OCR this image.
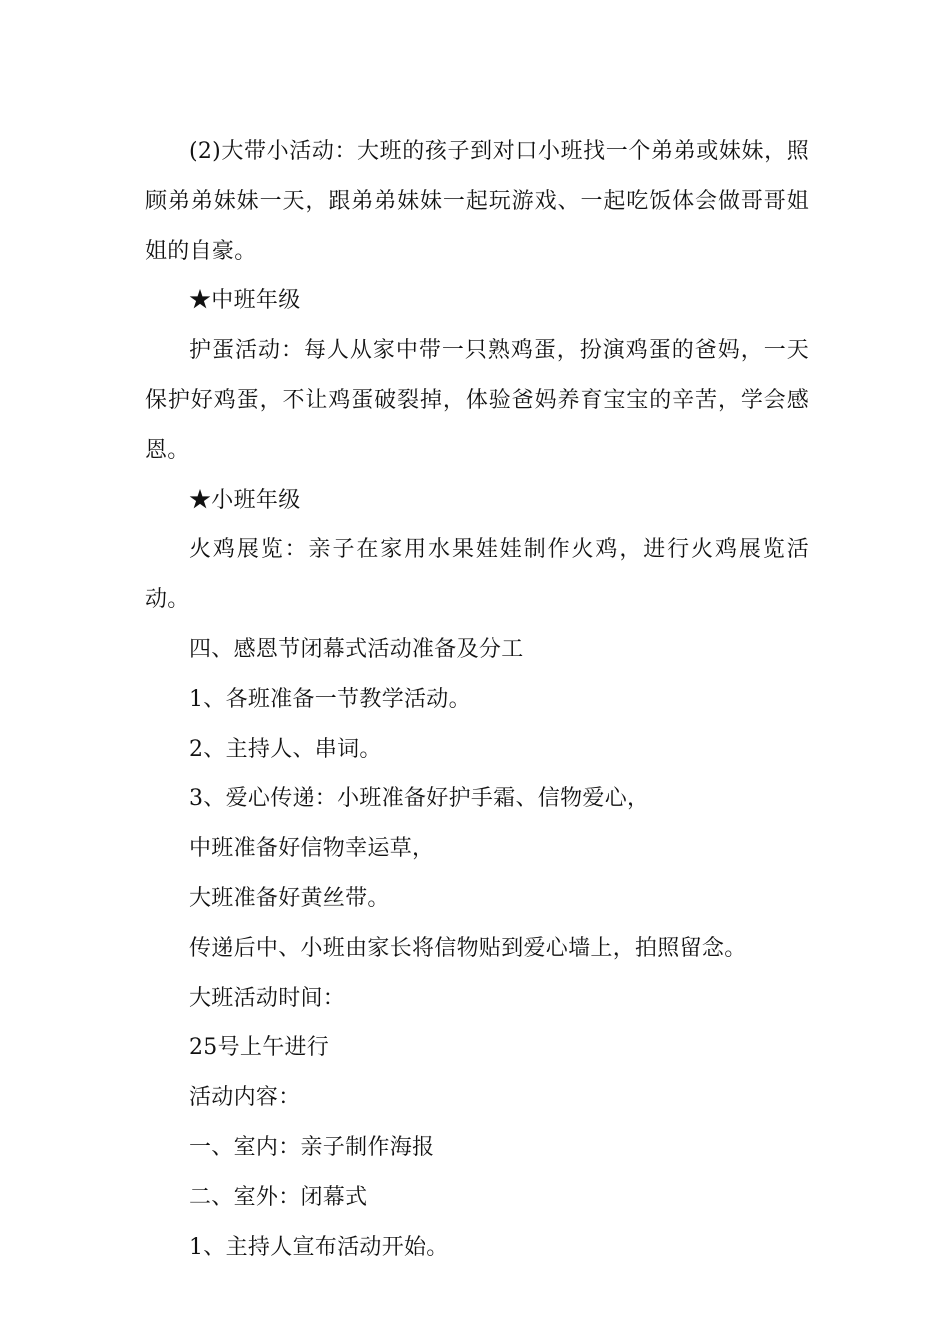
(2)大带小活动：大班的孩子到对口小班找一个弟弟或妹妹，照顾弟弟妹妹一天，跟弟弟妹妹一起玩游戏、一起吃饭体会做哥哥姐姐的自豪。

★中班年级

护蛋活动：每人从家中带一只熟鸡蛋，扮演鸡蛋的爸妈，一天保护好鸡蛋，不让鸡蛋破裂掉，体验爸妈养育宝宝的辛苦，学会感恩。

★小班年级

火鸡展览：亲子在家用水果娃娃制作火鸡，进行火鸡展览活动。

四、感恩节闭幕式活动准备及分工

1、各班准备一节教学活动。

2、主持人、串词。

3、爱心传递：小班准备好护手霜、信物爱心，

中班准备好信物幸运草，

大班准备好黄丝带。

传递后中、小班由家长将信物贴到爱心墙上，拍照留念。

大班活动时间：

25号上午进行

活动内容：

一、室内：亲子制作海报

二、室外：闭幕式

1、主持人宣布活动开始。
